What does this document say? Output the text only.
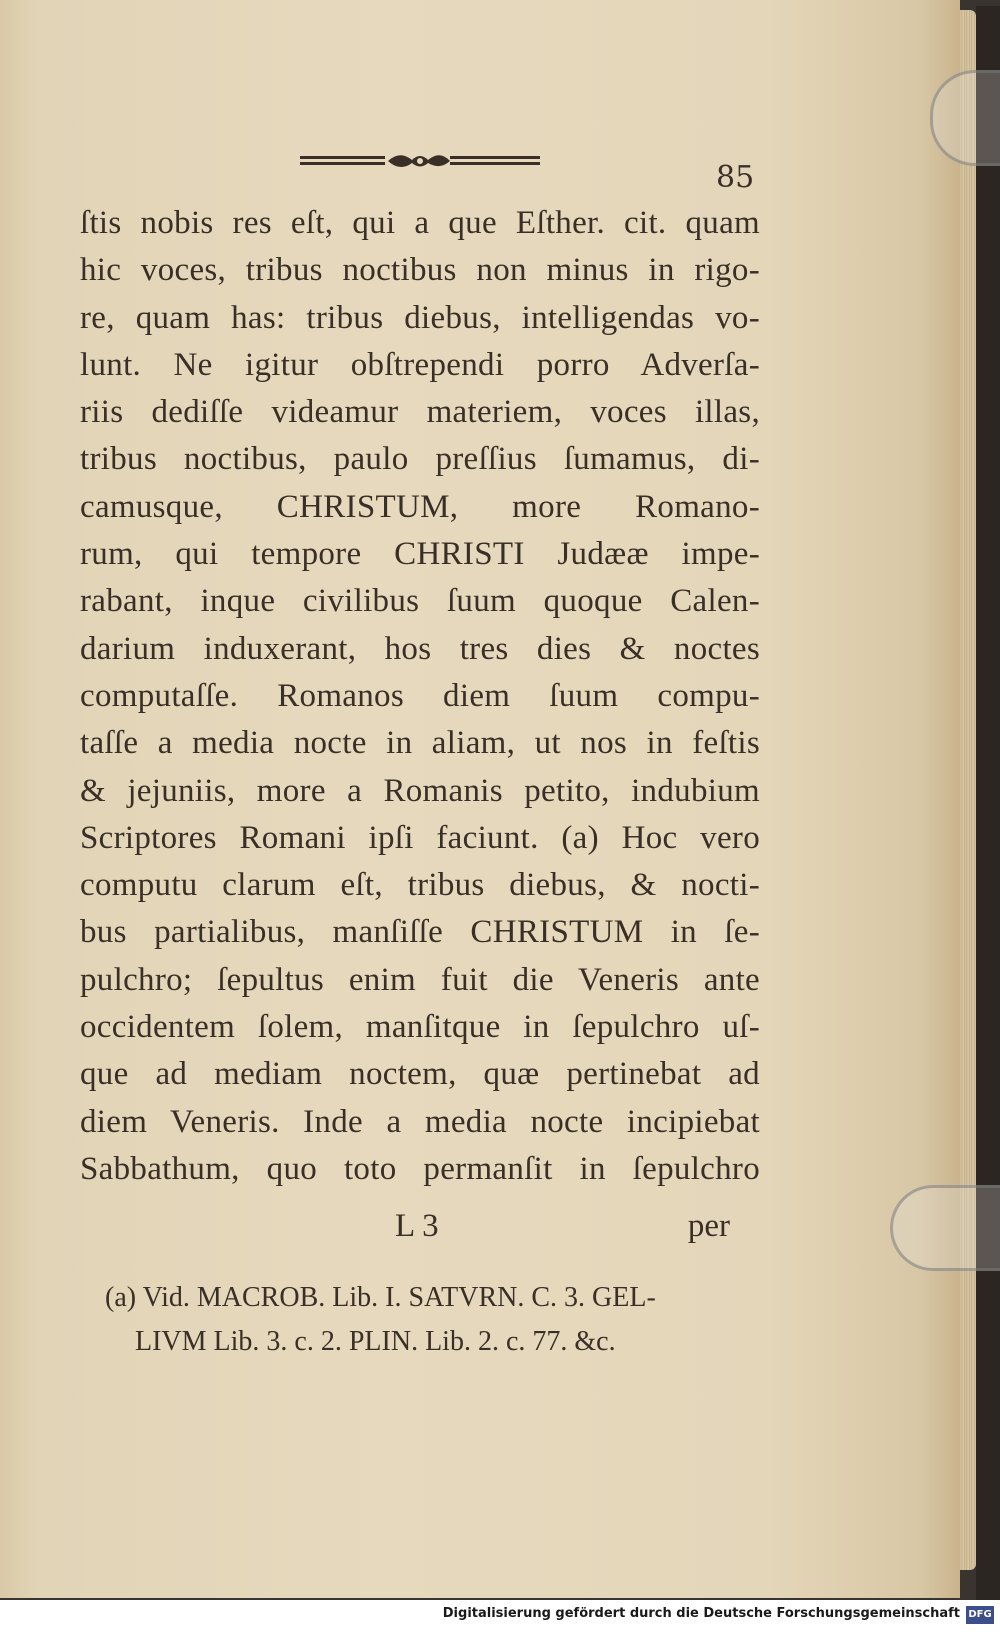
85
ſtis nobis res eſt, qui a que Eſther. cit. quam
hic voces, tribus noctibus non minus in rigo-
re, quam has: tribus diebus, intelligendas vo-
lunt. Ne igitur obſtrependi porro Adverſa-
riis dediſſe videamur materiem, voces illas,
tribus noctibus, paulo preſſius ſumamus, di-
camusque, CHRISTUM, more Romano-
rum, qui tempore CHRISTI Judææ impe-
rabant, inque civilibus ſuum quoque Calen-
darium induxerant, hos tres dies & noctes
computaſſe. Romanos diem ſuum compu-
taſſe a media nocte in aliam, ut nos in feſtis
& jejuniis, more a Romanis petito, indubium
Scriptores Romani ipſi faciunt. (a) Hoc vero
computu clarum eſt, tribus diebus, & nocti-
bus partialibus, manſiſſe CHRISTUM in ſe-
pulchro; ſepultus enim fuit die Veneris ante
occidentem ſolem, manſitque in ſepulchro uſ-
que ad mediam noctem, quæ pertinebat ad
diem Veneris. Inde a media nocte incipiebat
Sabbathum, quo toto permanſit in ſepulchro
L 3	per
(a) Vid. MACROB. Lib. I. SATVRN. C. 3. GEL-
LIVM Lib. 3. c. 2. PLIN. Lib. 2. c. 77. &c.
Digitalisierung gefördert durch die Deutsche Forschungsgemeinschaft DFG
